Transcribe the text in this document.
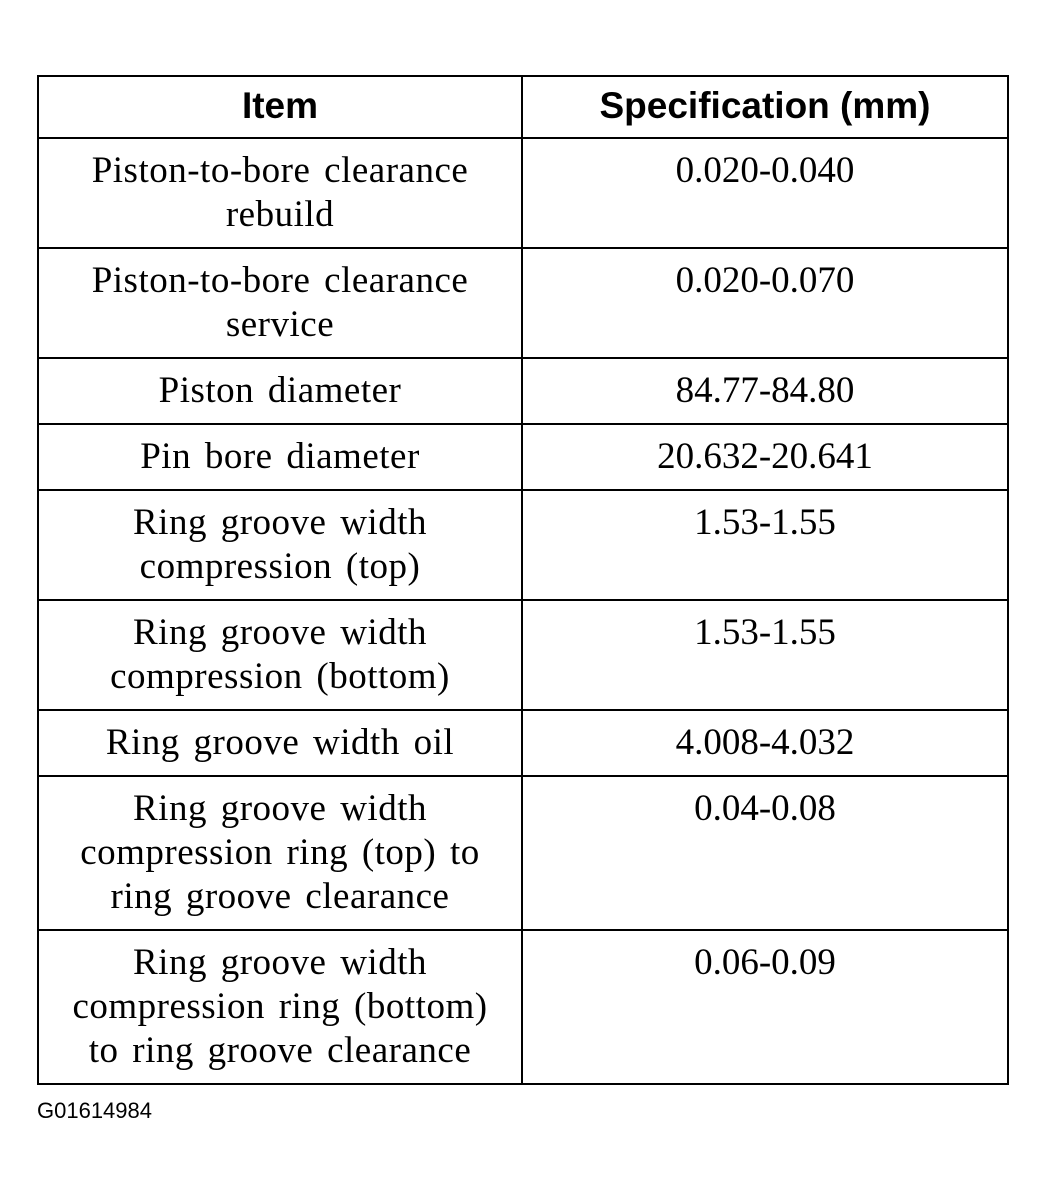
Item	Specification (mm)
Piston-to-bore clearance
rebuild	0.020-0.040
Piston-to-bore clearance
service	0.020-0.070
Piston diameter	84.77-84.80
Pin bore diameter	20.632-20.641
Ring groove width
compression (top)	1.53-1.55
Ring groove width
compression (bottom)	1.53-1.55
Ring groove width oil	4.008-4.032
Ring groove width
compression ring (top) to
ring groove clearance	0.04-0.08
Ring groove width
compression ring (bottom)
to ring groove clearance	0.06-0.09
G01614984
